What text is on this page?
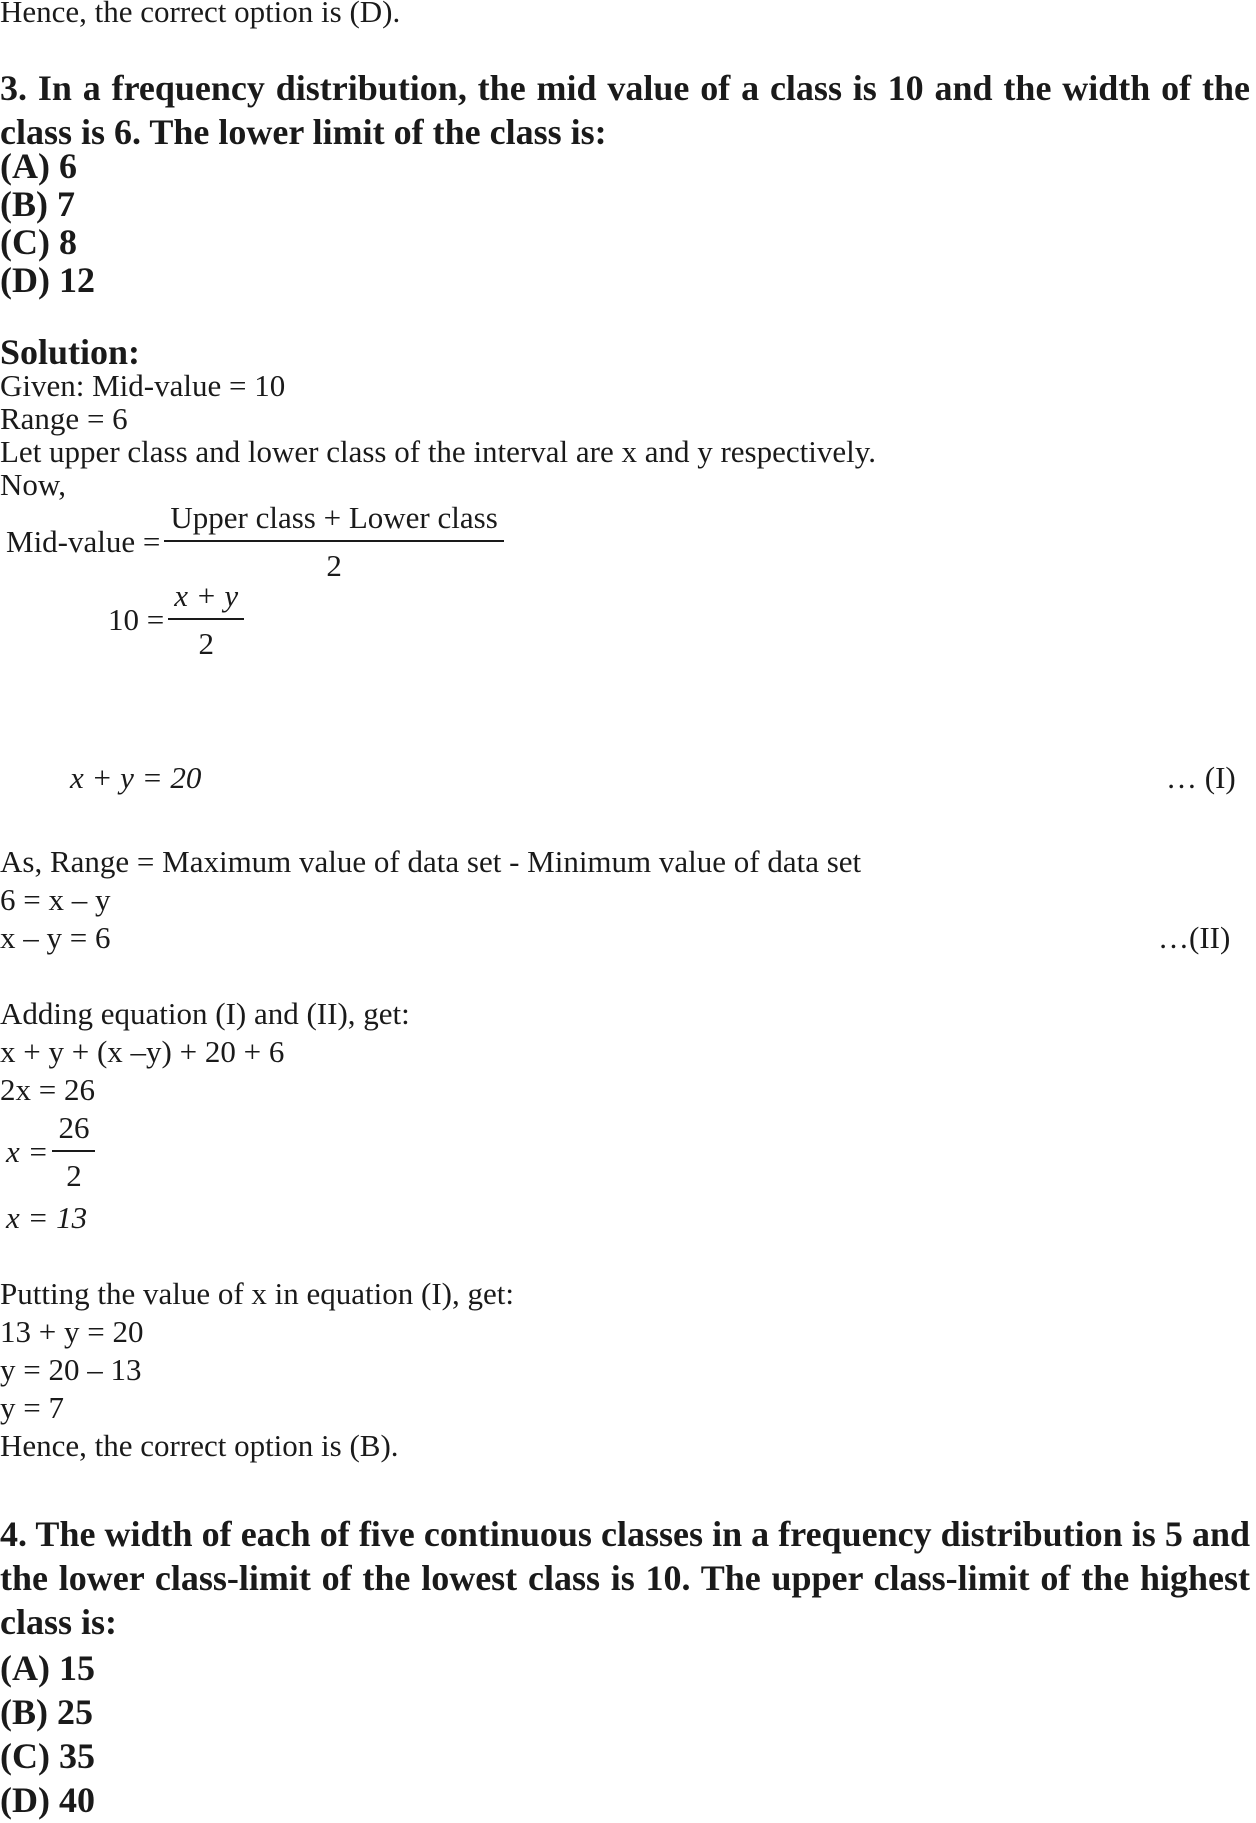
Hence, the correct option is (D).
3. In a frequency distribution, the mid value of a class is 10 and the width of the class is 6. The lower limit of the class is:
(A) 6
(B) 7
(C) 8
(D) 12
Solution:
Given: Mid-value = 10
Range = 6
Let upper class and lower class of the interval are x and y respectively.
Now,
Mid-value = $\frac{\text{Upper class + Lower class}}{2}$
$10 = \frac{x + y}{2}$
x + y = 20	… (I)
As, Range = Maximum value of data set - Minimum value of data set
6 = x – y
x – y = 6	…(II)
Adding equation (I) and (II), get:
x + y + (x –y) + 20 + 6
2x = 26
$x = \frac{26}{2}$
x = 13
Putting the value of x in equation (I), get:
13 + y = 20
y = 20 – 13
y = 7
Hence, the correct option is (B).
4. The width of each of five continuous classes in a frequency distribution is 5 and the lower class-limit of the lowest class is 10. The upper class-limit of the highest class is:
(A) 15
(B) 25
(C) 35
(D) 40
